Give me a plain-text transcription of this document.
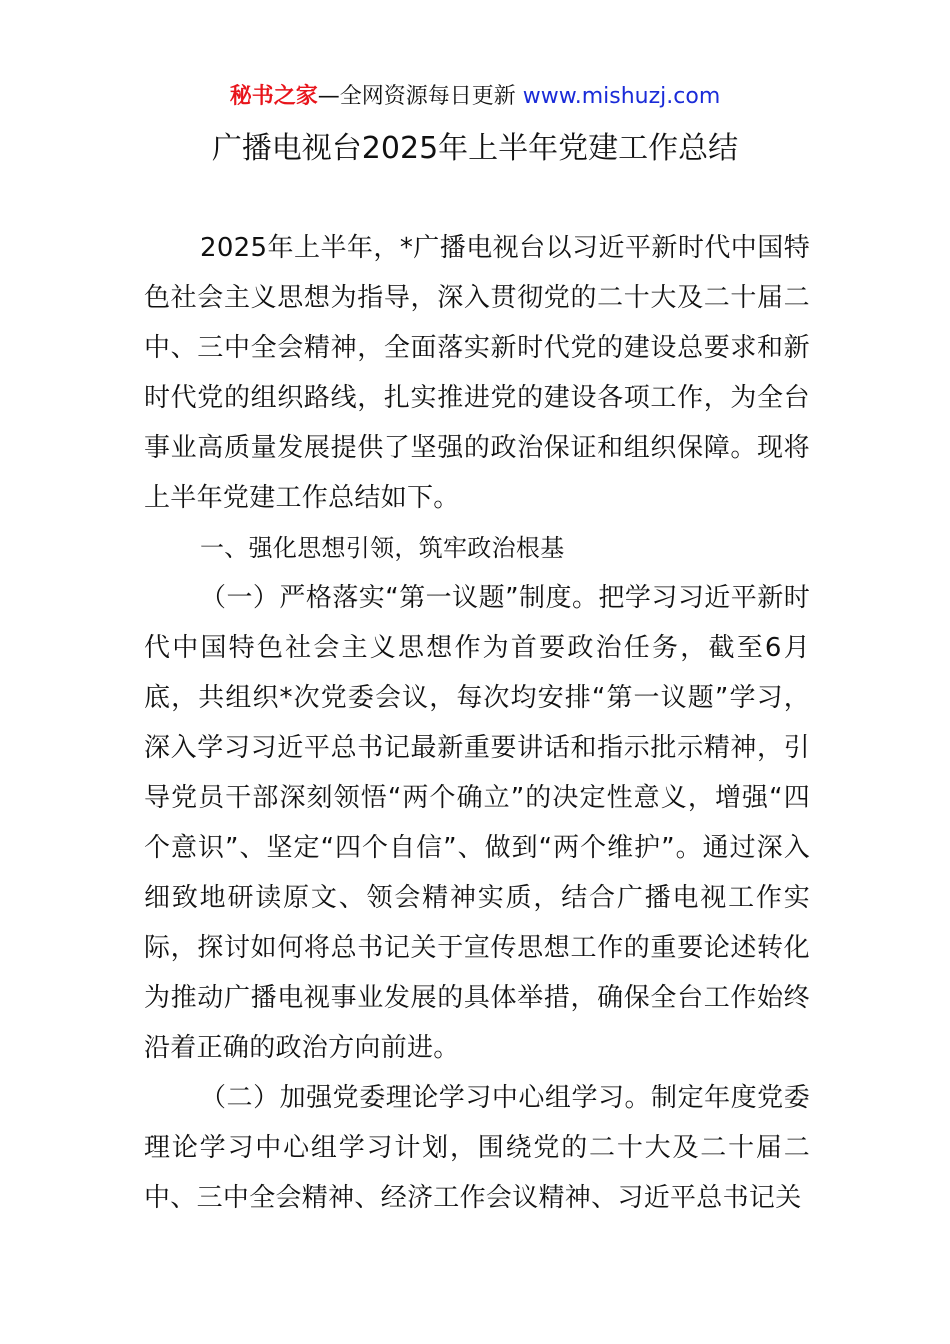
秘书之家—全网资源每日更新 www.mishuzj.com
广播电视台2025年上半年党建工作总结

2025年上半年，*广播电视台以习近平新时代中国特色社会主义思想为指导，深入贯彻党的二十大及二十届二中、三中全会精神，全面落实新时代党的建设总要求和新时代党的组织路线，扎实推进党的建设各项工作，为全台事业高质量发展提供了坚强的政治保证和组织保障。现将上半年党建工作总结如下。

一、强化思想引领，筑牢政治根基

（一）严格落实“第一议题”制度。把学习习近平新时代中国特色社会主义思想作为首要政治任务，截至6月底，共组织*次党委会议，每次均安排“第一议题”学习，深入学习习近平总书记最新重要讲话和指示批示精神，引导党员干部深刻领悟“两个确立”的决定性意义，增强“四个意识”、坚定“四个自信”、做到“两个维护”。通过深入细致地研读原文、领会精神实质，结合广播电视工作实际，探讨如何将总书记关于宣传思想工作的重要论述转化为推动广播电视事业发展的具体举措，确保全台工作始终沿着正确的政治方向前进。

（二）加强党委理论学习中心组学习。制定年度党委理论学习中心组学习计划，围绕党的二十大及二十届二中、三中全会精神、经济工作会议精神、习近平总书记关
